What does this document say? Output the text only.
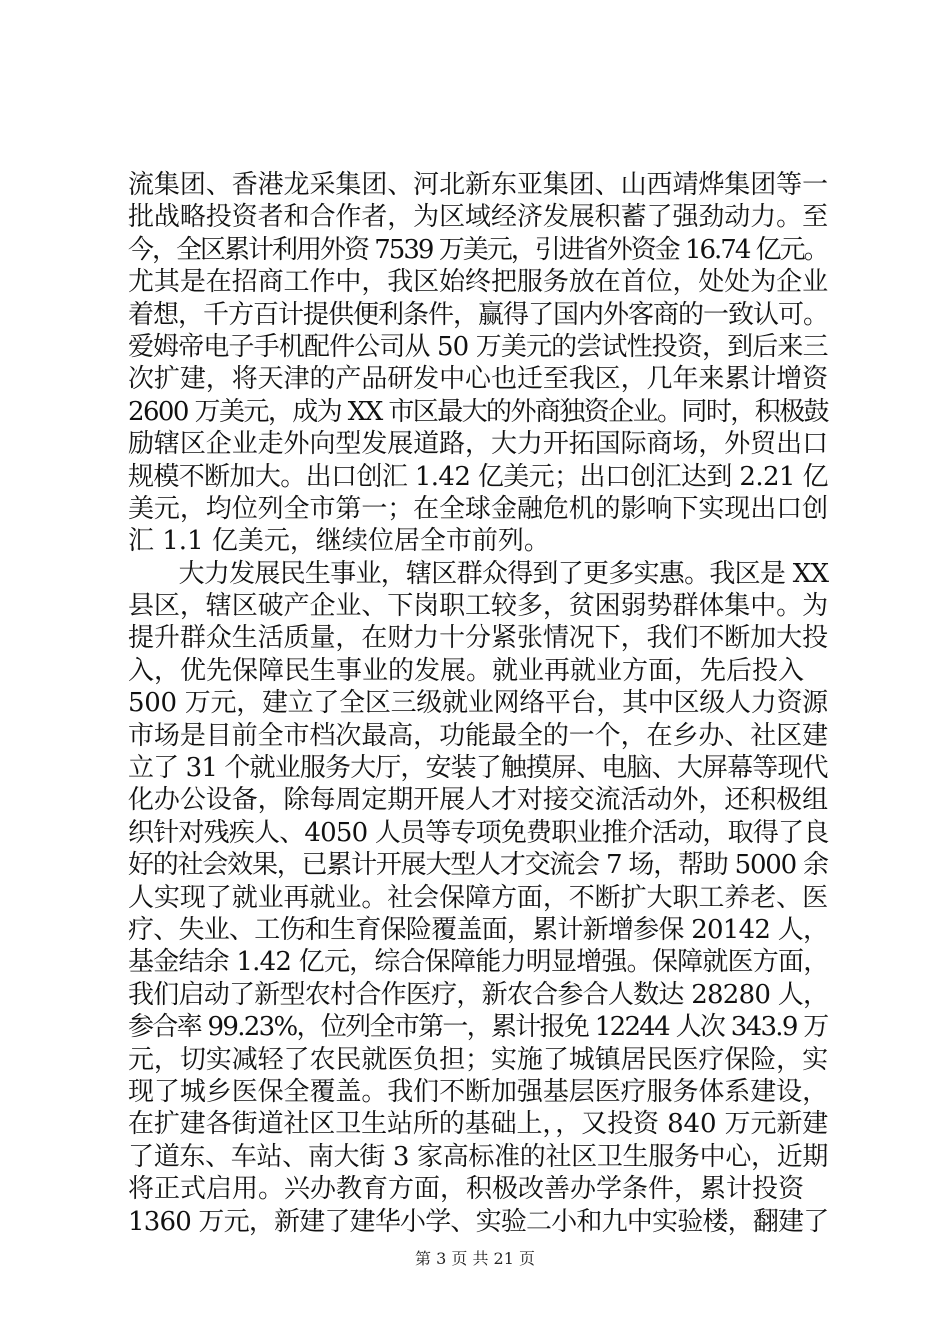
流集团、香港龙采集团、河北新东亚集团、山西靖烨集团等一
批战略投资者和合作者，为区域经济发展积蓄了强劲动力。至
今，全区累计利用外资 7539 万美元，引进省外资金 16.74 亿元。
尤其是在招商工作中，我区始终把服务放在首位，处处为企业
着想，千方百计提供便利条件，赢得了国内外客商的一致认可。
爱姆帝电子手机配件公司从 50 万美元的尝试性投资，到后来三
次扩建，将天津的产品研发中心也迁至我区，几年来累计增资
2600 万美元，成为 XX 市区最大的外商独资企业。同时，积极鼓
励辖区企业走外向型发展道路，大力开拓国际商场，外贸出口
规模不断加大。出口创汇 1.42 亿美元；出口创汇达到 2.21 亿
美元，均位列全市第一；在全球金融危机的影响下实现出口创
汇 1.1 亿美元，继续位居全市前列。
　　大力发展民生事业，辖区群众得到了更多实惠。我区是 XX
县区，辖区破产企业、下岗职工较多，贫困弱势群体集中。为
提升群众生活质量，在财力十分紧张情况下，我们不断加大投
入，优先保障民生事业的发展。就业再就业方面，先后投入
500 万元，建立了全区三级就业网络平台，其中区级人力资源
市场是目前全市档次最高，功能最全的一个，在乡办、社区建
立了 31 个就业服务大厅，安装了触摸屏、电脑、大屏幕等现代
化办公设备，除每周定期开展人才对接交流活动外，还积极组
织针对残疾人、4050 人员等专项免费职业推介活动，取得了良
好的社会效果，已累计开展大型人才交流会 7 场，帮助 5000 余
人实现了就业再就业。社会保障方面，不断扩大职工养老、医
疗、失业、工伤和生育保险覆盖面，累计新增参保 20142 人，
基金结余 1.42 亿元，综合保障能力明显增强。保障就医方面，
我们启动了新型农村合作医疗，新农合参合人数达 28280 人，
参合率 99.23%，位列全市第一，累计报免 12244 人次 343.9 万
元，切实减轻了农民就医负担；实施了城镇居民医疗保险，实
现了城乡医保全覆盖。我们不断加强基层医疗服务体系建设，
在扩建各街道社区卫生站所的基础上，，又投资 840 万元新建
了道东、车站、南大街 3 家高标准的社区卫生服务中心，近期
将正式启用。兴办教育方面，积极改善办学条件，累计投资
1360 万元，新建了建华小学、实验二小和九中实验楼，翻建了
第 3 页 共 21 页
